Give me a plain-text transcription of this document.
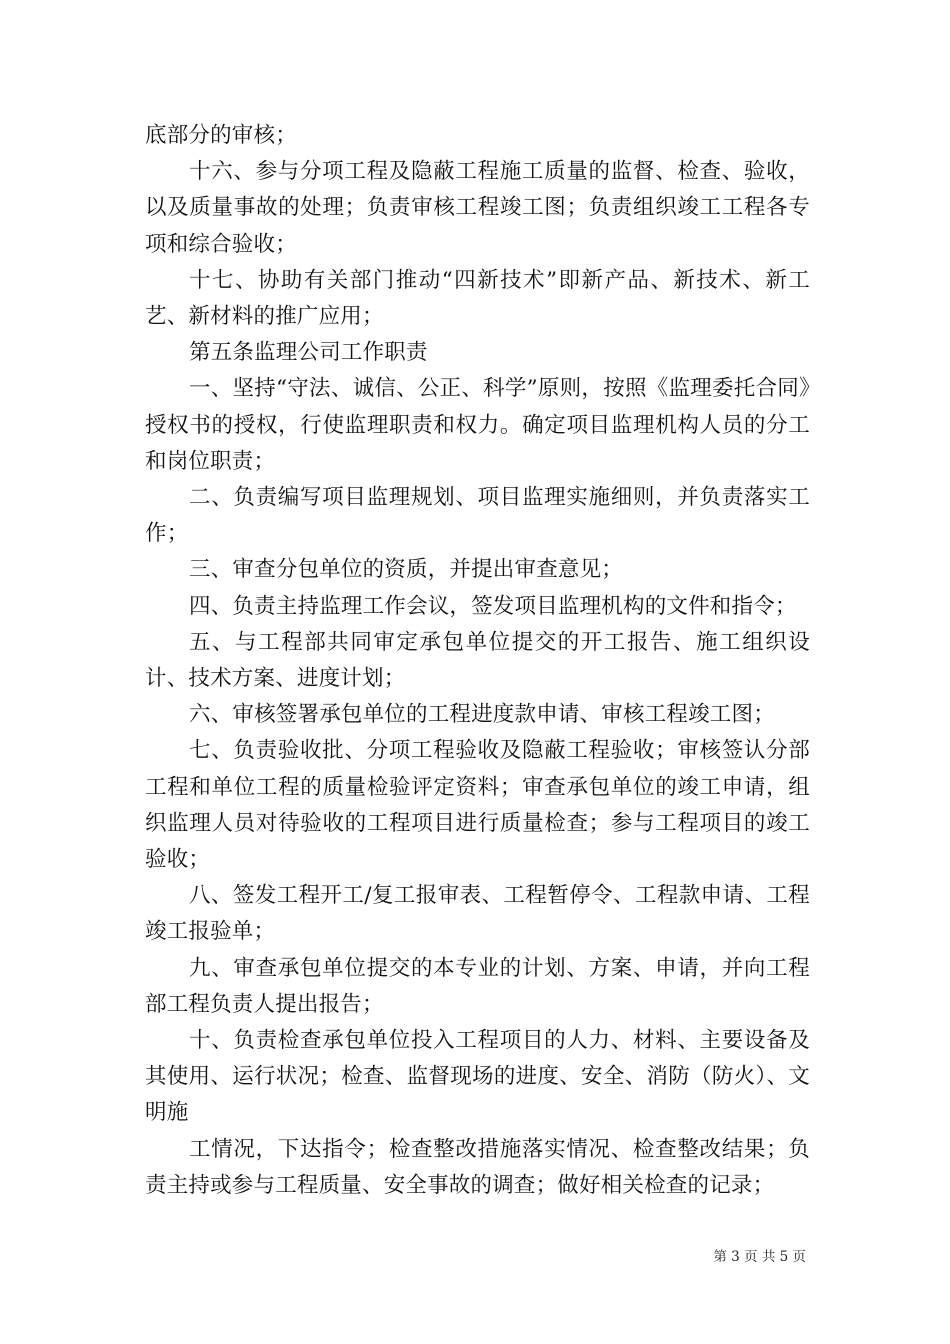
底部分的审核；

十六、参与分项工程及隐蔽工程施工质量的监督、检查、验收，以及质量事故的处理；负责审核工程竣工图；负责组织竣工工程各专项和综合验收；

十七、协助有关部门推动“四新技术”即新产品、新技术、新工艺、新材料的推广应用；

第五条监理公司工作职责

一、坚持“守法、诚信、公正、科学”原则，按照《监理委托合同》授权书的授权，行使监理职责和权力。确定项目监理机构人员的分工和岗位职责；

二、负责编写项目监理规划、项目监理实施细则，并负责落实工作；

三、审查分包单位的资质，并提出审查意见；

四、负责主持监理工作会议，签发项目监理机构的文件和指令；

五、与工程部共同审定承包单位提交的开工报告、施工组织设计、技术方案、进度计划；

六、审核签署承包单位的工程进度款申请、审核工程竣工图；

七、负责验收批、分项工程验收及隐蔽工程验收；审核签认分部工程和单位工程的质量检验评定资料；审查承包单位的竣工申请，组织监理人员对待验收的工程项目进行质量检查；参与工程项目的竣工验收；

八、签发工程开工/复工报审表、工程暂停令、工程款申请、工程竣工报验单；

九、审查承包单位提交的本专业的计划、方案、申请，并向工程部工程负责人提出报告；

十、负责检查承包单位投入工程项目的人力、材料、主要设备及其使用、运行状况；检查、监督现场的进度、安全、消防（防火）、文明施

工情况，下达指令；检查整改措施落实情况、检查整改结果；负责主持或参与工程质量、安全事故的调查；做好相关检查的记录；

第 3 页 共 5 页
